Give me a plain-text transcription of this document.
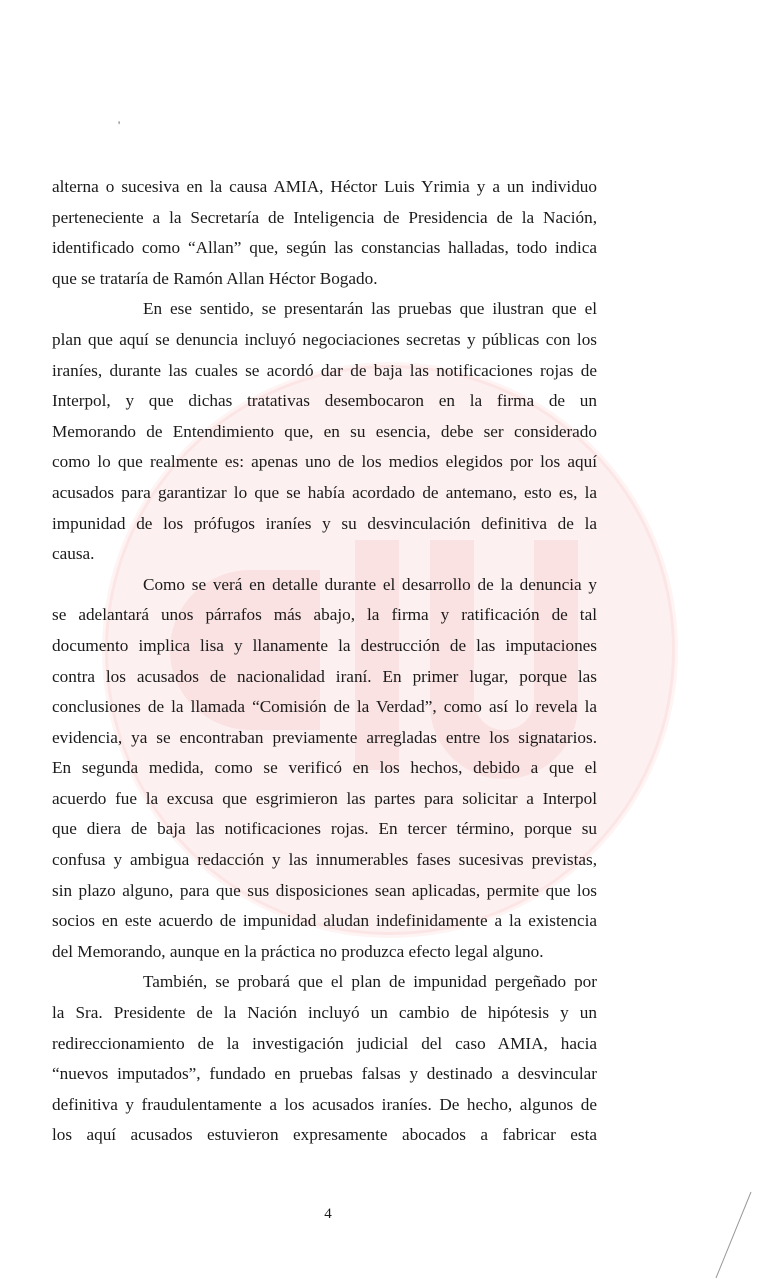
'
alterna o sucesiva en la causa AMIA, Héctor Luis Yrimia y a un individuo
perteneciente a la Secretaría de Inteligencia de Presidencia de la Nación,
identificado como “Allan” que, según las constancias halladas, todo indica
que se trataría de Ramón Allan Héctor Bogado.
En ese sentido, se presentarán las pruebas que ilustran que el
plan que aquí se denuncia incluyó negociaciones secretas y públicas con los
iraníes, durante las cuales se acordó dar de baja las notificaciones rojas de
Interpol, y que dichas tratativas desembocaron en la firma de un
Memorando de Entendimiento que, en su esencia, debe ser considerado
como lo que realmente es: apenas uno de los medios elegidos por los aquí
acusados para garantizar lo que se había acordado de antemano, esto es, la
impunidad de los prófugos iraníes y su desvinculación definitiva de la
causa.
Como se verá en detalle durante el desarrollo de la denuncia y
se adelantará unos párrafos más abajo, la firma y ratificación de tal
documento implica lisa y llanamente la destrucción de las imputaciones
contra los acusados de nacionalidad iraní. En primer lugar, porque las
conclusiones de la llamada “Comisión de la Verdad”, como así lo revela la
evidencia, ya se encontraban previamente arregladas entre los signatarios.
En segunda medida, como se verificó en los hechos, debido a que el
acuerdo fue la excusa que esgrimieron las partes para solicitar a Interpol
que diera de baja las notificaciones rojas. En tercer término, porque su
confusa y ambigua redacción y las innumerables fases sucesivas previstas,
sin plazo alguno, para que sus disposiciones sean aplicadas, permite que los
socios en este acuerdo de impunidad aludan indefinidamente a la existencia
del Memorando, aunque en la práctica no produzca efecto legal alguno.
También, se probará que el plan de impunidad pergeñado por
la Sra. Presidente de la Nación incluyó un cambio de hipótesis y un
redireccionamiento de la investigación judicial del caso AMIA, hacia
“nuevos imputados”, fundado en pruebas falsas y destinado a desvincular
definitiva y fraudulentamente a los acusados iraníes. De hecho, algunos de
los aquí acusados estuvieron expresamente abocados a fabricar esta
4
